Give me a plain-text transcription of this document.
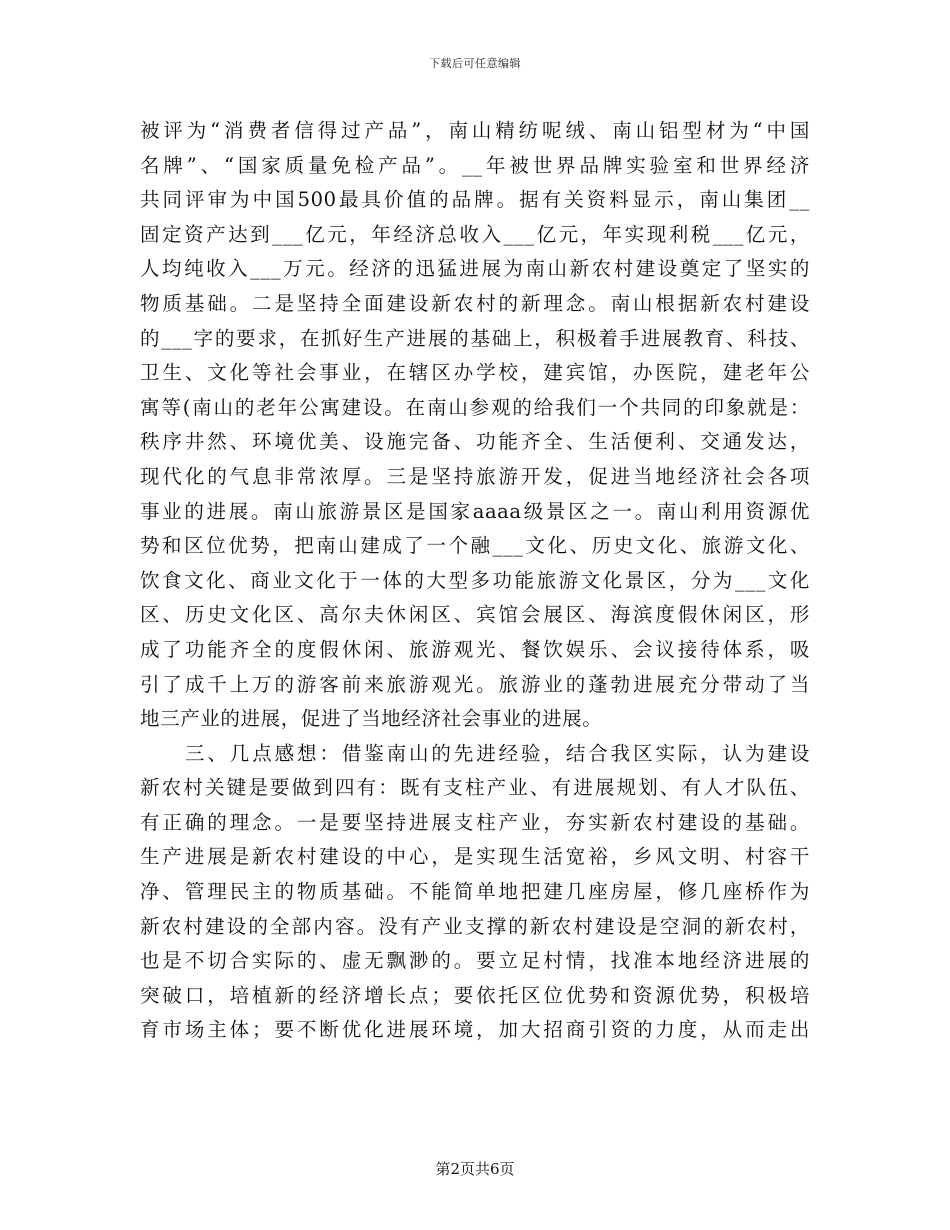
下载后可任意编辑
被评为“消费者信得过产品”，南山精纺呢绒、南山铝型材为“中国
名牌”、“国家质量免检产品”。__年被世界品牌实验室和世界经济
共同评审为中国500最具价值的品牌。据有关资料显示，南山集团__
固定资产达到___亿元，年经济总收入___亿元，年实现利税___亿元，
人均纯收入___万元。经济的迅猛进展为南山新农村建设奠定了坚实的
物质基础。二是坚持全面建设新农村的新理念。南山根据新农村建设
的___字的要求，在抓好生产进展的基础上，积极着手进展教育、科技、
卫生、文化等社会事业，在辖区办学校，建宾馆，办医院，建老年公
寓等(南山的老年公寓建设。在南山参观的给我们一个共同的印象就是：
秩序井然、环境优美、设施完备、功能齐全、生活便利、交通发达，
现代化的气息非常浓厚。三是坚持旅游开发，促进当地经济社会各项
事业的进展。南山旅游景区是国家aaaa级景区之一。南山利用资源优
势和区位优势，把南山建成了一个融___文化、历史文化、旅游文化、
饮食文化、商业文化于一体的大型多功能旅游文化景区，分为___文化
区、历史文化区、高尔夫休闲区、宾馆会展区、海滨度假休闲区，形
成了功能齐全的度假休闲、旅游观光、餐饮娱乐、会议接待体系，吸
引了成千上万的游客前来旅游观光。旅游业的蓬勃进展充分带动了当
地三产业的进展，促进了当地经济社会事业的进展。
三、几点感想：借鉴南山的先进经验，结合我区实际，认为建设
新农村关键是要做到四有：既有支柱产业、有进展规划、有人才队伍、
有正确的理念。一是要坚持进展支柱产业，夯实新农村建设的基础。
生产进展是新农村建设的中心，是实现生活宽裕，乡风文明、村容干
净、管理民主的物质基础。不能简单地把建几座房屋，修几座桥作为
新农村建设的全部内容。没有产业支撑的新农村建设是空洞的新农村，
也是不切合实际的、虚无飘渺的。要立足村情，找准本地经济进展的
突破口，培植新的经济增长点；要依托区位优势和资源优势，积极培
育市场主体；要不断优化进展环境，加大招商引资的力度，从而走出
第2页共6页
